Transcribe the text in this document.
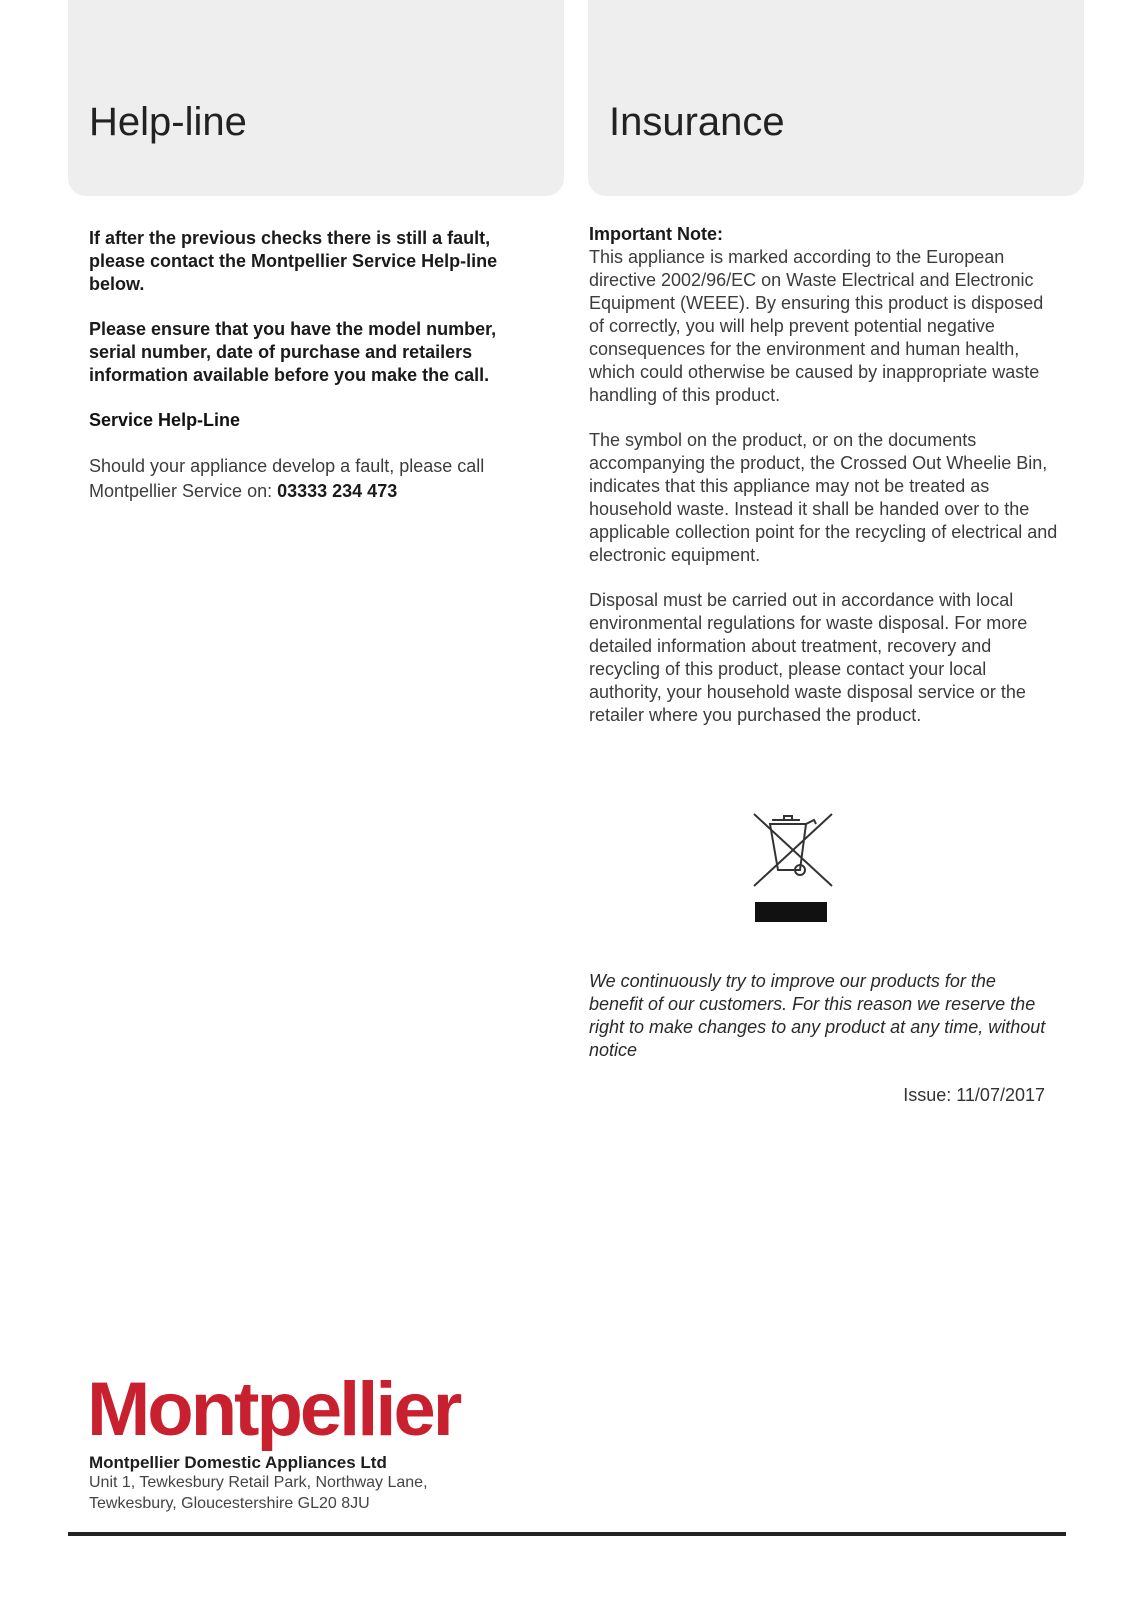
Help-line	Insurance

If after the previous checks there is still a fault, please contact the Montpellier Service Help-line below.

Please ensure that you have the model number, serial number, date of purchase and retailers information available before you make the call.

Service Help-Line

Should your appliance develop a fault, please call Montpellier Service on: 03333 234 473

Important Note:

This appliance is marked according to the European directive 2002/96/EC on Waste Electrical and Electronic Equipment (WEEE). By ensuring this product is disposed of correctly, you will help prevent potential negative consequences for the environment and human health, which could otherwise be caused by inappropriate waste handling of this product.

The symbol on the product, or on the documents accompanying the product, the Crossed Out Wheelie Bin, indicates that this appliance may not be treated as household waste. Instead it shall be handed over to the applicable collection point for the recycling of electrical and electronic equipment.

Disposal must be carried out in accordance with local environmental regulations for waste disposal. For more detailed information about treatment, recovery and recycling of this product, please contact your local authority, your household waste disposal service or the retailer where you purchased the product.

We continuously try to improve our products for the benefit of our customers. For this reason we reserve the right to make changes to any product at any time, without notice

Issue: 11/07/2017

Montpellier

Montpellier Domestic Appliances Ltd

Unit 1, Tewkesbury Retail Park, Northway Lane,

Tewkesbury, Gloucestershire GL20 8JU
